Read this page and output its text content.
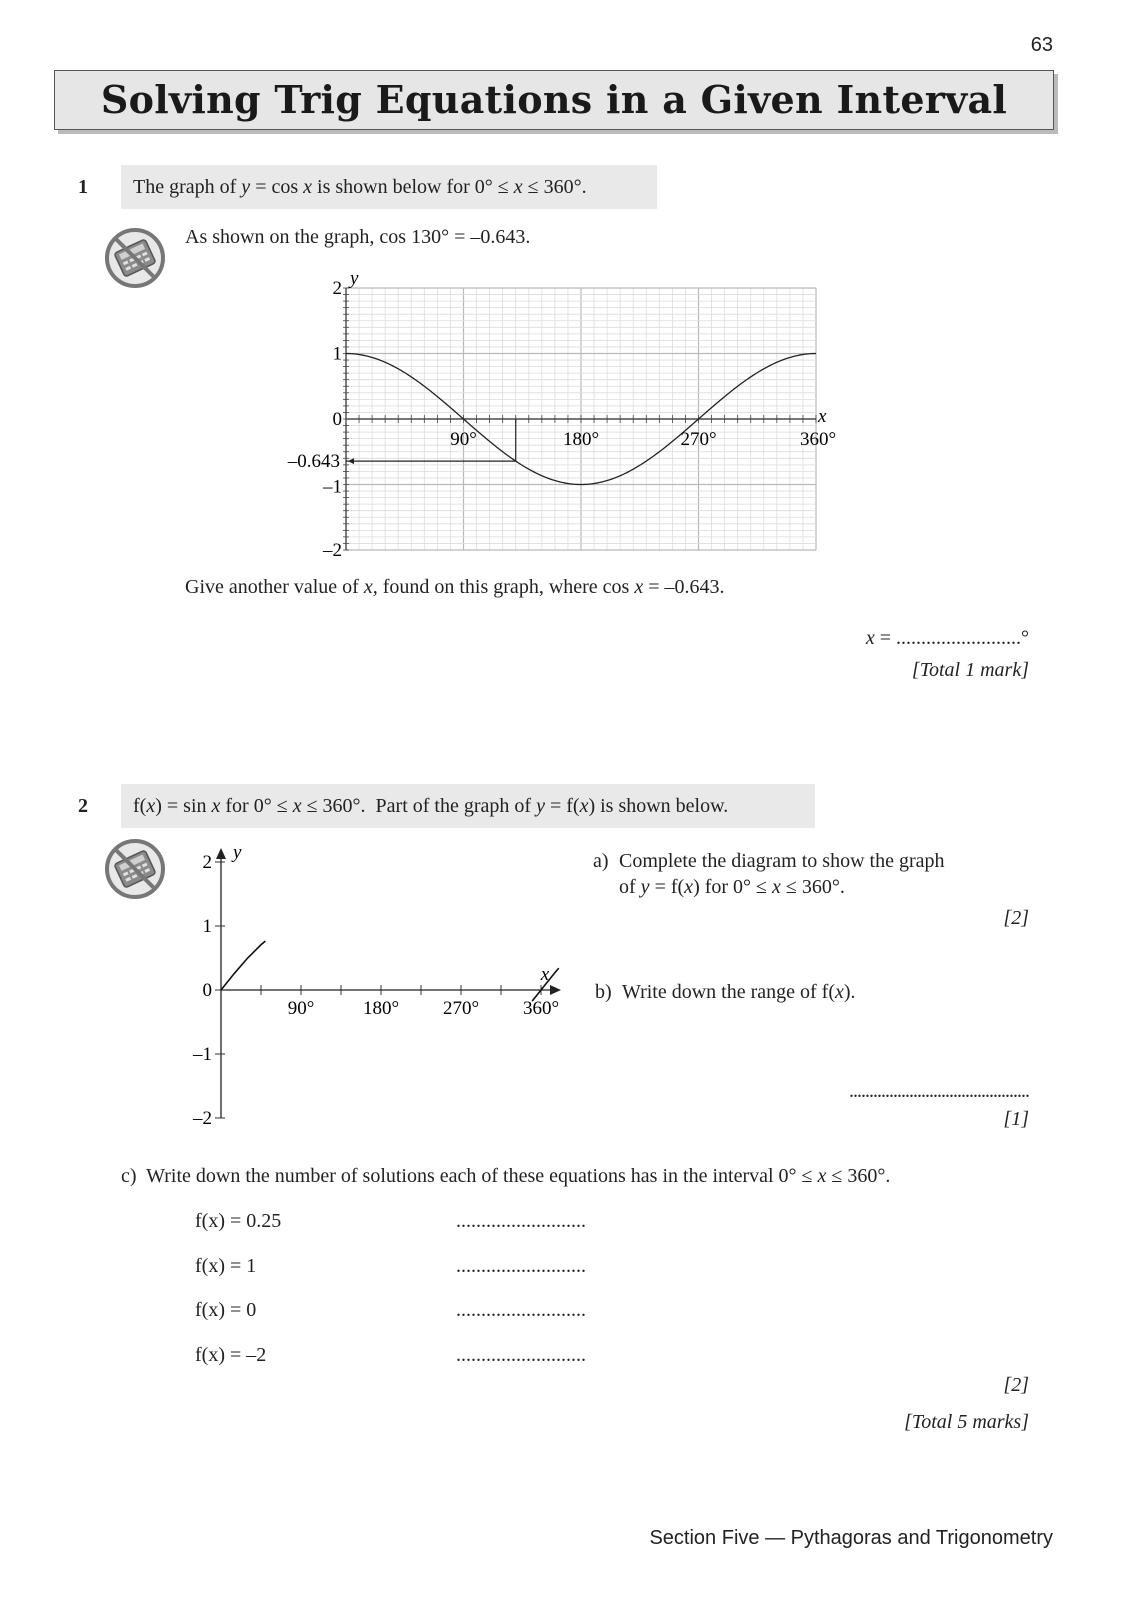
63
Solving Trig Equations in a Given Interval
1	The graph of y = cos x is shown below for 0° ≤ x ≤ 360°.
As shown on the graph, cos 130° = –0.643.
2
1
0
–1
–2
–0.643
y
x
90°	180°	270°	360°
Give another value of x, found on this graph, where cos x = –0.643.
x = .........................°
[Total 1 mark]
2	f(x) = sin x for 0° ≤ x ≤ 360°.  Part of the graph of y = f(x) is shown below.
2
1
0
–1
–2
y
x
90°	180° 270° 360°
a) Complete the diagram to show the graph
of y = f(x) for 0° ≤ x ≤ 360°.
[2]
b) Write down the range of f(x).
.............................................
[1]
c)  Write down the number of solutions each of these equations has in the interval 0° ≤ x ≤ 360°.
f(x) = 0.25	..........................
f(x) = 1	..........................
f(x) = 0	..........................
f(x) = –2	..........................
[2]
[Total 5 marks]
Section Five — Pythagoras and Trigonometry
